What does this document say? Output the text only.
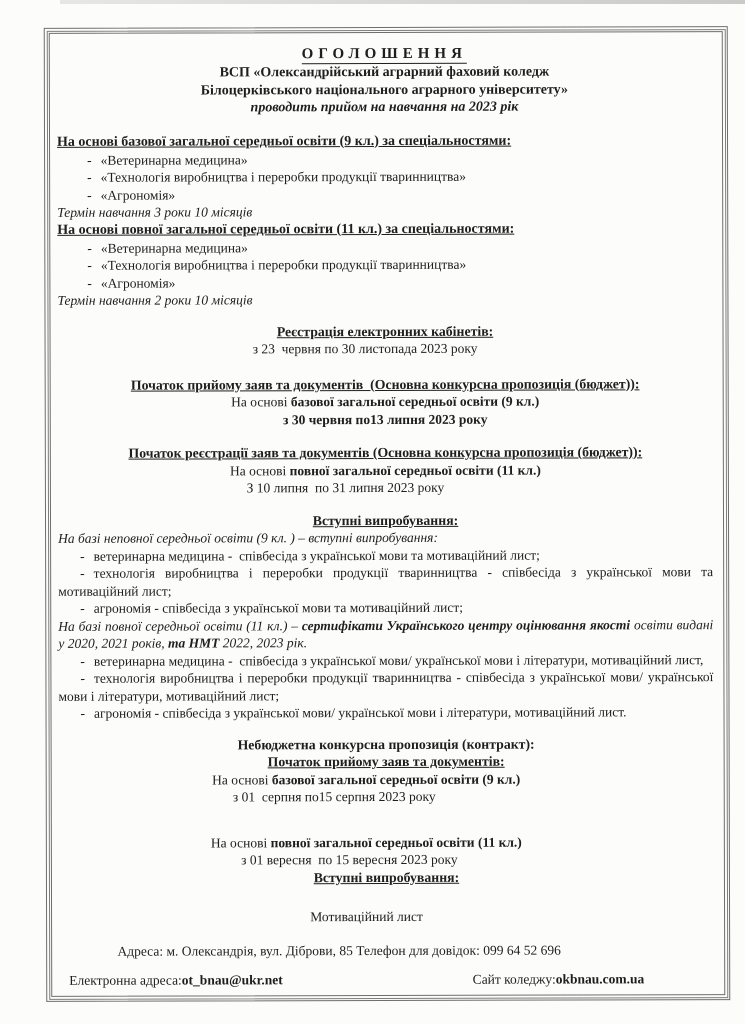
ОГОЛОШЕННЯ

ВСП «Олександрійський аграрний фаховий коледж

Білоцерківського національного аграрного університету»

проводить прийом на навчання на 2023 рік

На основі базової загальної середньої освіти (9 кл.) за спеціальностями:

- «Ветеринарна медицина»

- «Технологія виробництва і переробки продукції тваринництва»

- «Агрономія»

Термін навчання 3 роки 10 місяців

На основі повної загальної середньої освіти (11 кл.) за спеціальностями:

- «Ветеринарна медицина»

- «Технологія виробництва і переробки продукції тваринництва»

- «Агрономія»

Термін навчання 2 роки 10 місяців

Реєстрація електронних кабінетів:

з 23  червня по 30 листопада 2023 року

Початок прийому заяв та документів  (Основна конкурсна пропозиція (бюджет)):

На основі базової загальної середньої освіти (9 кл.)

з 30 червня по13 липня 2023 року

Початок реєстрації заяв та документів (Основна конкурсна пропозиція (бюджет)):

На основі повної загальної середньої освіти (11 кл.)

З 10 липня  по 31 липня 2023 року

Вступні випробування:

На базі неповної середньої освіти (9 кл. ) – вступні випробування:

- ветеринарна медицина -  співбесіда з української мови та мотиваційний лист;

- технологія виробництва і переробки продукції тваринництва - співбесіда з української мови та мотиваційний лист;

- агрономія - співбесіда з української мови та мотиваційний лист;

На базі повної середньої освіти (11 кл.) – сертифікати Українського центру оцінювання якості освіти видані у 2020, 2021 років, та НМТ 2022, 2023 рік.

- ветеринарна медицина -  співбесіда з української мови/ української мови і літератури, мотиваційний лист,

- технологія виробництва і переробки продукції тваринництва - співбесіда з української мови/ української мови і літератури, мотиваційний лист;

- агрономія - співбесіда з української мови/ української мови і літератури, мотиваційний лист.

Небюджетна конкурсна пропозиція (контракт):

Початок прийому заяв та документів:

На основі базової загальної середньої освіти (9 кл.)

з 01  серпня по15 серпня 2023 року

На основі повної загальної середньої освіти (11 кл.)

з 01 вересня  по 15 вересня 2023 року

Вступні випробування:

Мотиваційний лист

Адреса: м. Олександрія, вул. Діброви, 85 Телефон для довідок: 099 64 52 696

Електронна адреса:ot_bnau@ukr.net	Сайт коледжу:okbnau.com.ua
